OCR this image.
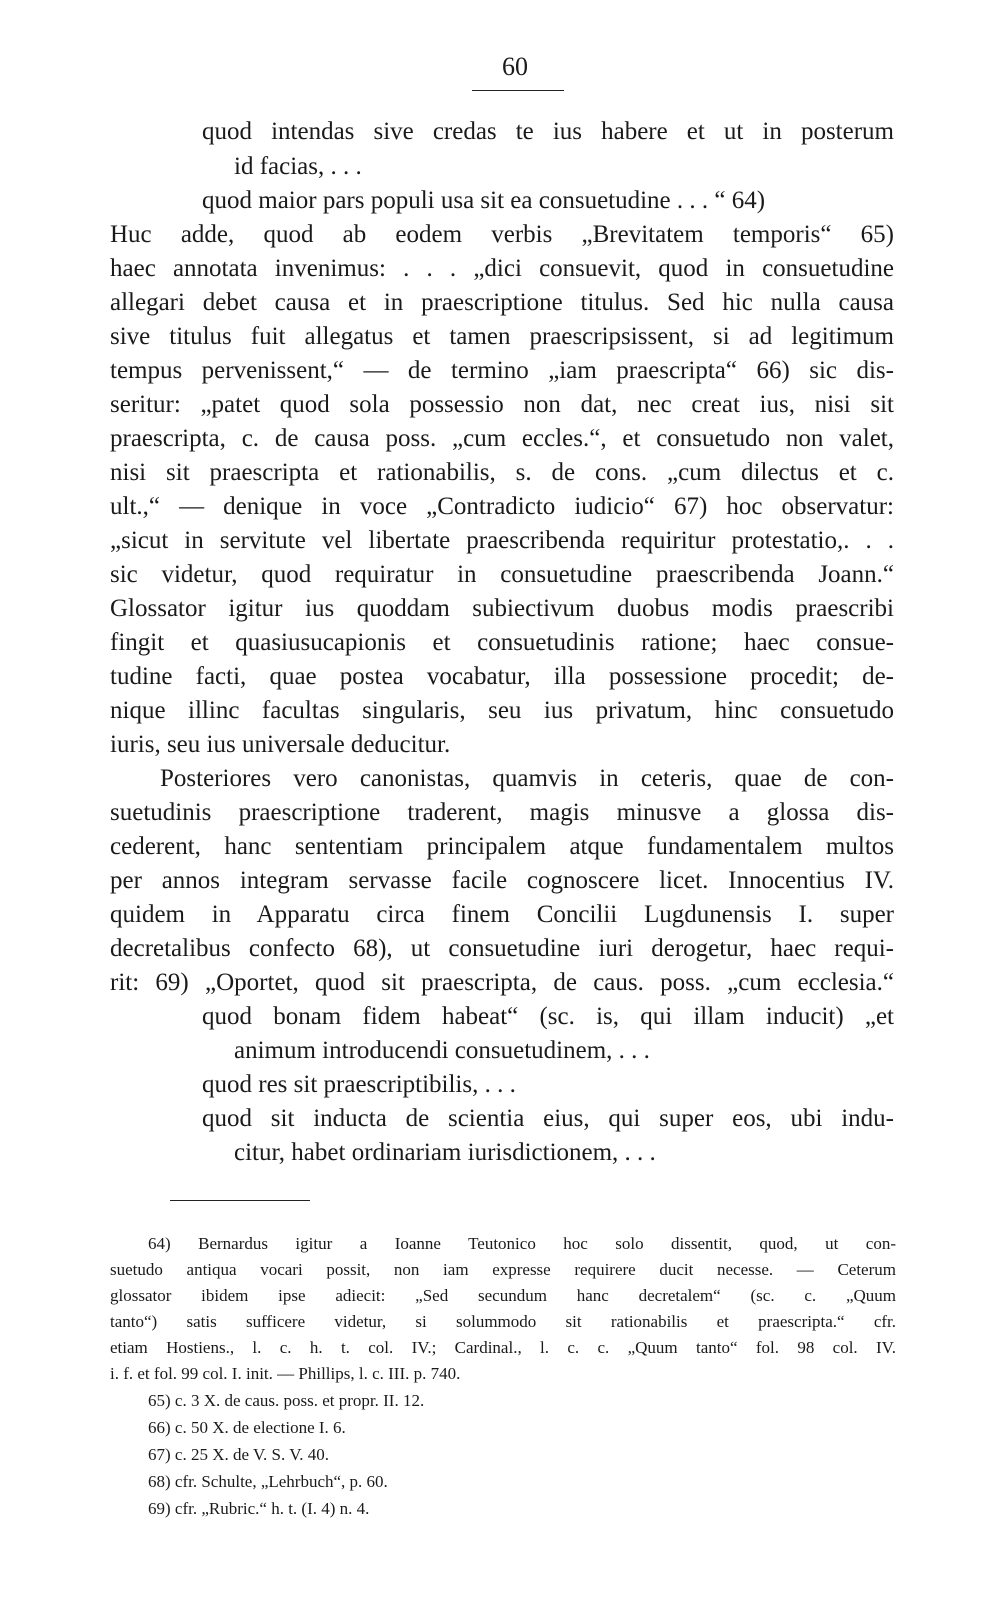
60
quod intendas sive credas te ius habere et ut in posterum
id facias, . . .
quod maior pars populi usa sit ea consuetudine . . . “ 64)
Huc adde, quod ab eodem verbis „Brevitatem temporis“ 65)
haec annotata invenimus: . . . „dici consuevit, quod in consuetudine
allegari debet causa et in praescriptione titulus. Sed hic nulla causa
sive titulus fuit allegatus et tamen praescripsissent, si ad legitimum
tempus pervenissent,“ — de termino „iam praescripta“ 66) sic dis-
seritur: „patet quod sola possessio non dat, nec creat ius, nisi sit
praescripta, c. de causa poss. „cum eccles.“, et consuetudo non valet,
nisi sit praescripta et rationabilis, s. de cons. „cum dilectus et c.
ult.,“ — denique in voce „Contradicto iudicio“ 67) hoc observatur:
„sicut in servitute vel libertate praescribenda requiritur protestatio,. . .
sic videtur, quod requiratur in consuetudine praescribenda Joann.“
Glossator igitur ius quoddam subiectivum duobus modis praescribi
fingit et quasiusucapionis et consuetudinis ratione; haec consue-
tudine facti, quae postea vocabatur, illa possessione procedit; de-
nique illinc facultas singularis, seu ius privatum, hinc consuetudo
iuris, seu ius universale deducitur.
Posteriores vero canonistas, quamvis in ceteris, quae de con-
suetudinis praescriptione traderent, magis minusve a glossa dis-
cederent, hanc sententiam principalem atque fundamentalem multos
per annos integram servasse facile cognoscere licet. Innocentius IV.
quidem in Apparatu circa finem Concilii Lugdunensis I. super
decretalibus confecto 68), ut consuetudine iuri derogetur, haec requi-
rit: 69) „Oportet, quod sit praescripta, de caus. poss. „cum ecclesia.“
quod bonam fidem habeat“ (sc. is, qui illam inducit) „et
animum introducendi consuetudinem, . . .
quod res sit praescriptibilis, . . .
quod sit inducta de scientia eius, qui super eos, ubi indu-
citur, habet ordinariam iurisdictionem, . . .
64) Bernardus igitur a Ioanne Teutonico hoc solo dissentit, quod, ut con-
suetudo antiqua vocari possit, non iam expresse requirere ducit necesse. — Ceterum
glossator ibidem ipse adiecit: „Sed secundum hanc decretalem“ (sc. c. „Quum
tanto“) satis sufficere videtur, si solummodo sit rationabilis et praescripta.“ cfr.
etiam Hostiens., l. c. h. t. col. IV.; Cardinal., l. c. c. „Quum tanto“ fol. 98 col. IV.
i. f. et fol. 99 col. I. init. — Phillips, l. c. III. p. 740.
65) c. 3 X. de caus. poss. et propr. II. 12.
66) c. 50 X. de electione I. 6.
67) c. 25 X. de V. S. V. 40.
68) cfr. Schulte, „Lehrbuch“, p. 60.
69) cfr. „Rubric.“ h. t. (I. 4) n. 4.
